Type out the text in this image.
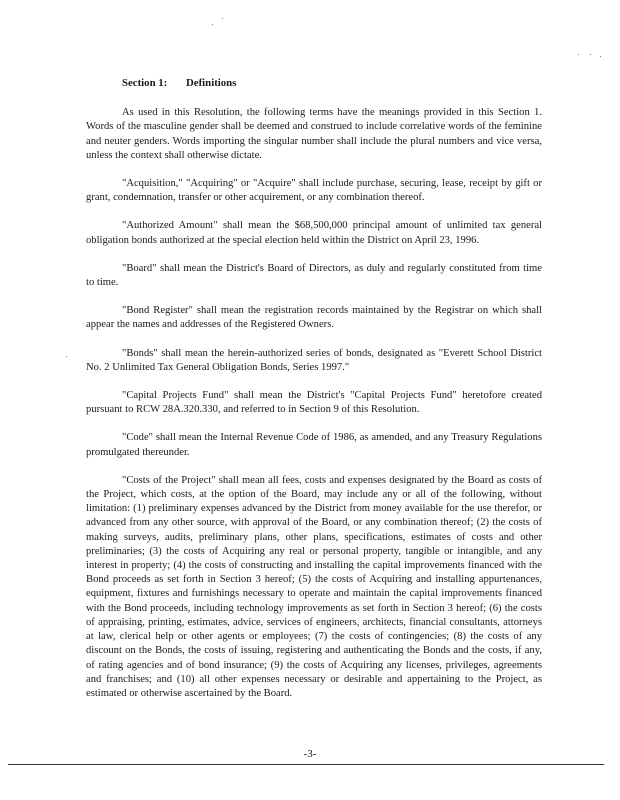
Section 1: Definitions

As used in this Resolution, the following terms have the meanings provided in this Section 1. Words of the masculine gender shall be deemed and construed to include correlative words of the feminine and neuter genders. Words importing the singular number shall include the plural numbers and vice versa, unless the context shall otherwise dictate.

"Acquisition," "Acquiring" or "Acquire" shall include purchase, securing, lease, receipt by gift or grant, condemnation, transfer or other acquirement, or any combination thereof.

"Authorized Amount" shall mean the $68,500,000 principal amount of unlimited tax general obligation bonds authorized at the special election held within the District on April 23, 1996.

"Board" shall mean the District's Board of Directors, as duly and regularly constituted from time to time.

"Bond Register" shall mean the registration records maintained by the Registrar on which shall appear the names and addresses of the Registered Owners.

"Bonds" shall mean the herein-authorized series of bonds, designated as "Everett School District No. 2 Unlimited Tax General Obligation Bonds, Series 1997."

"Capital Projects Fund" shall mean the District's "Capital Projects Fund" heretofore created pursuant to RCW 28A.320.330, and referred to in Section 9 of this Resolution.

"Code" shall mean the Internal Revenue Code of 1986, as amended, and any Treasury Regulations promulgated thereunder.

"Costs of the Project" shall mean all fees, costs and expenses designated by the Board as costs of the Project, which costs, at the option of the Board, may include any or all of the following, without limitation: (1) preliminary expenses advanced by the District from money available for the use therefor, or advanced from any other source, with approval of the Board, or any combination thereof; (2) the costs of making surveys, audits, preliminary plans, other plans, specifications, estimates of costs and other preliminaries; (3) the costs of Acquiring any real or personal property, tangible or intangible, and any interest in property; (4) the costs of constructing and installing the capital improvements financed with the Bond proceeds as set forth in Section 3 hereof; (5) the costs of Acquiring and installing appurtenances, equipment, fixtures and furnishings necessary to operate and maintain the capital improvements financed with the Bond proceeds, including technology improvements as set forth in Section 3 hereof; (6) the costs of appraising, printing, estimates, advice, services of engineers, architects, financial consultants, attorneys at law, clerical help or other agents or employees; (7) the costs of contingencies; (8) the costs of any discount on the Bonds, the costs of issuing, registering and authenticating the Bonds and the costs, if any, of rating agencies and of bond insurance; (9) the costs of Acquiring any licenses, privileges, agreements and franchises; and (10) all other expenses necessary or desirable and appertaining to the Project, as estimated or otherwise ascertained by the Board.

-3-
